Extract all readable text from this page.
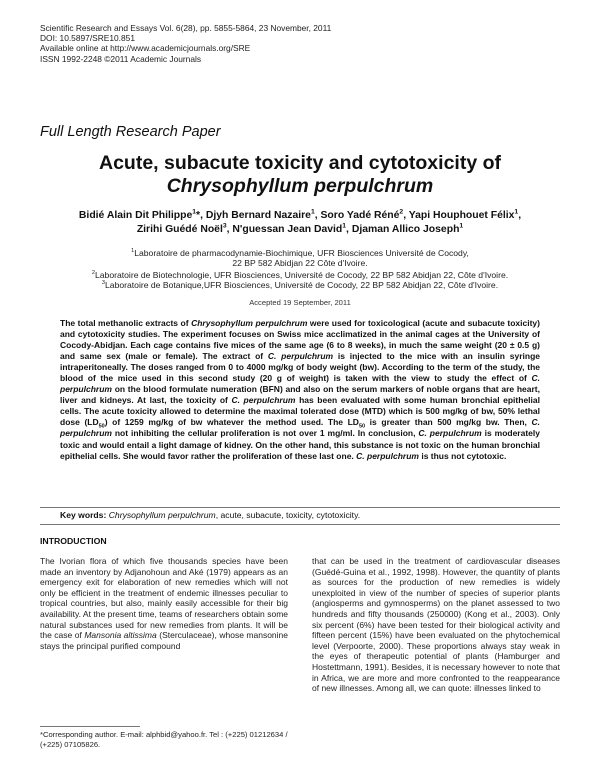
Scientific Research and Essays Vol. 6(28), pp. 5855-5864, 23 November, 2011
DOI: 10.5897/SRE10.851
Available online at http://www.academicjournals.org/SRE
ISSN 1992-2248 ©2011 Academic Journals
Full Length Research Paper
Acute, subacute toxicity and cytotoxicity of
Chrysophyllum perpulchrum
Bidié Alain Dit Philippe$^1$*, Djyh Bernard Nazaire$^1$, Soro Yadé Réné$^2$, Yapi Houphouet Félix$^1$,
Zirihi Guédé Noël$^3$, N'guessan Jean David$^1$, Djaman Allico Joseph$^1$
$^1$Laboratoire de pharmacodynamie-Biochimique, UFR Biosciences Université de Cocody,
22 BP 582 Abidjan 22 Côte d'Ivoire.
$^2$Laboratoire de Biotechnologie, UFR Biosciences, Université de Cocody, 22 BP 582 Abidjan 22, Côte d'Ivoire.
$^3$Laboratoire de Botanique,UFR Biosciences, Université de Cocody, 22 BP 582 Abidjan 22, Côte d'Ivoire.
Accepted 19 September, 2011
The total methanolic extracts of Chrysophyllum perpulchrum were used for toxicological (acute and subacute toxicity) and cytotoxicity studies. The experiment focuses on Swiss mice acclimatized in the animal cages at the University of Cocody-Abidjan. Each cage contains five mices of the same age (6 to 8 weeks), in much the same weight (20 ± 0.5 g) and same sex (male or female). The extract of C. perpulchrum is injected to the mice with an insulin syringe intraperitoneally. The doses ranged from 0 to 4000 mg/kg of body weight (bw). According to the term of the study, the blood of the mice used in this second study (20 g of weight) is taken with the view to study the effect of C. perpulchrum on the blood formulate numeration (BFN) and also on the serum markers of noble organs that are heart, liver and kidneys. At last, the toxicity of C. perpulchrum has been evaluated with some human bronchial epithelial cells. The acute toxicity allowed to determine the maximal tolerated dose (MTD) which is 500 mg/kg of bw, 50% lethal dose $(LD_{50})$ of 1259 mg/kg of bw whatever the method used. The $LD_{50}$ is greater than 500 mg/kg bw. Then, C. perpulchrum not inhibiting the cellular proliferation is not over 1 mg/ml. In conclusion, C. perpulchrum is moderately toxic and would entail a light damage of kidney. On the other hand, this substance is not toxic on the human bronchial epithelial cells. She would favor rather the proliferation of these last one. C. perpulchrum is thus not cytotoxic.
Key words: Chrysophyllum perpulchrum, acute, subacute, toxicity, cytotoxicity.
INTRODUCTION
The Ivorian flora of which five thousands species have been made an inventory by Adjanohoun and Aké (1979) appears as an emergency exit for elaboration of new remedies which will not only be efficient in the treatment of endemic illnesses peculiar to tropical countries, but also, mainly easily accessible for their big availability. At the present time, teams of researchers obtain some natural substances used for new remedies from plants. It will be the case of Mansonia altissima (Sterculaceae), whose mansonine stays the principal purified compound
that can be used in the treatment of cardiovascular diseases (Guédé-Guina et al., 1992, 1998). However, the quantity of plants as sources for the production of new remedies is widely unexploited in view of the number of species of superior plants (angiosperms and gymnosperms) on the planet assessed to two hundreds and fifty thousands (250000) (Kong et al., 2003). Only six percent (6%) have been tested for their biological activity and fifteen percent (15%) have been evaluated on the phytochemical level (Verpoorte, 2000). These proportions always stay weak in the eyes of therapeutic potential of plants (Hamburger and Hostettmann, 1991). Besides, it is necessary however to note that in Africa, we are more and more confronted to the reappearance of new illnesses. Among all, we can quote: illnesses linked to
*Corresponding author. E-mail: alphbid@yahoo.fr. Tel : (+225) 01212634 / (+225) 07105826.
